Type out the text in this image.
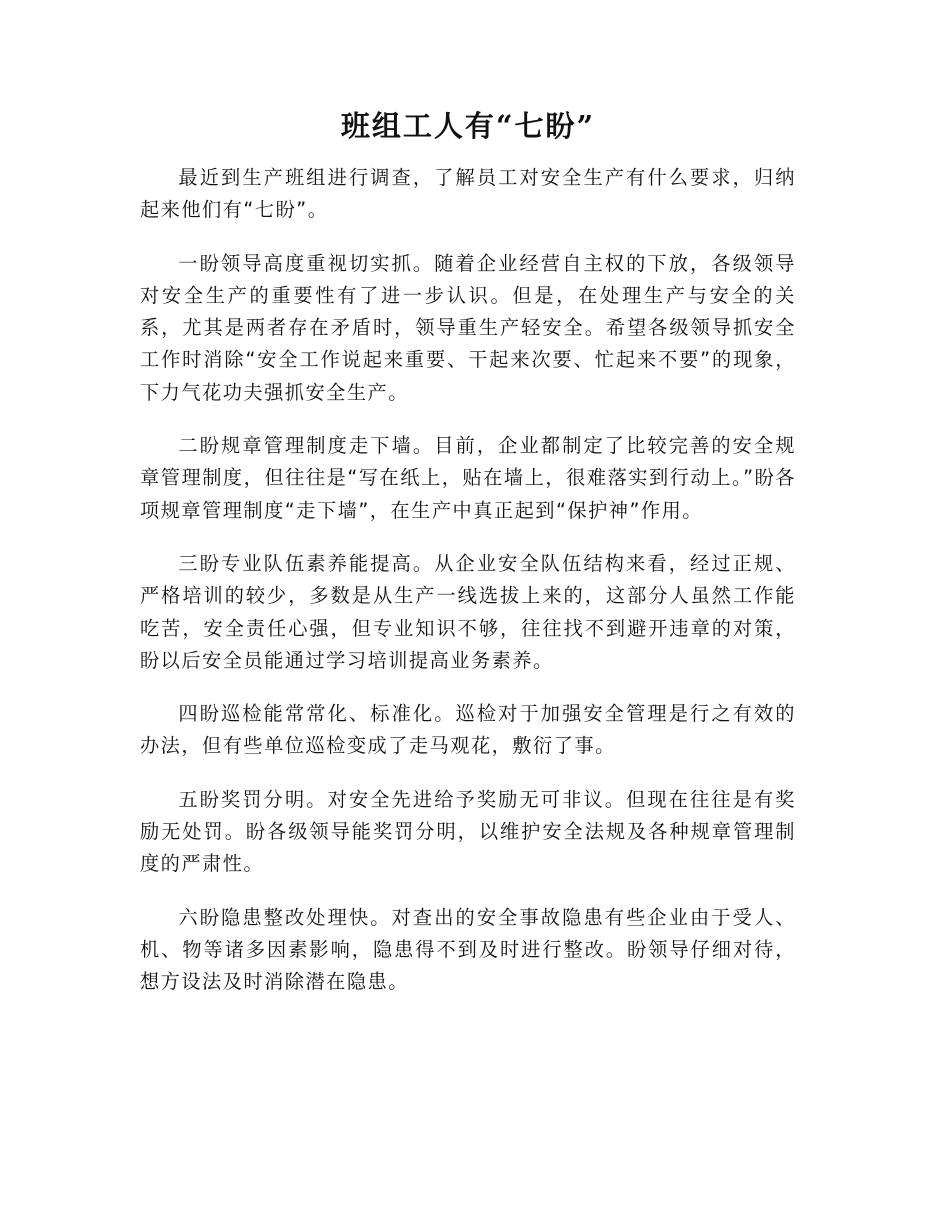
班组工人有“七盼”

最近到生产班组进行调查，了解员工对安全生产有什么要求，归纳起来他们有“七盼”。

一盼领导高度重视切实抓。随着企业经营自主权的下放，各级领导对安全生产的重要性有了进一步认识。但是，在处理生产与安全的关系，尤其是两者存在矛盾时，领导重生产轻安全。希望各级领导抓安全工作时消除“安全工作说起来重要、干起来次要、忙起来不要”的现象，下力气花功夫强抓安全生产。

二盼规章管理制度走下墙。目前，企业都制定了比较完善的安全规章管理制度，但往往是“写在纸上，贴在墙上，很难落实到行动上。”盼各项规章管理制度“走下墙”，在生产中真正起到“保护神”作用。

三盼专业队伍素养能提高。从企业安全队伍结构来看，经过正规、严格培训的较少，多数是从生产一线选拔上来的，这部分人虽然工作能吃苦，安全责任心强，但专业知识不够，往往找不到避开违章的对策，盼以后安全员能通过学习培训提高业务素养。

四盼巡检能常常化、标准化。巡检对于加强安全管理是行之有效的办法，但有些单位巡检变成了走马观花，敷衍了事。

五盼奖罚分明。对安全先进给予奖励无可非议。但现在往往是有奖励无处罚。盼各级领导能奖罚分明，以维护安全法规及各种规章管理制度的严肃性。

六盼隐患整改处理快。对查出的安全事故隐患有些企业由于受人、机、物等诸多因素影响，隐患得不到及时进行整改。盼领导仔细对待，想方设法及时消除潜在隐患。
